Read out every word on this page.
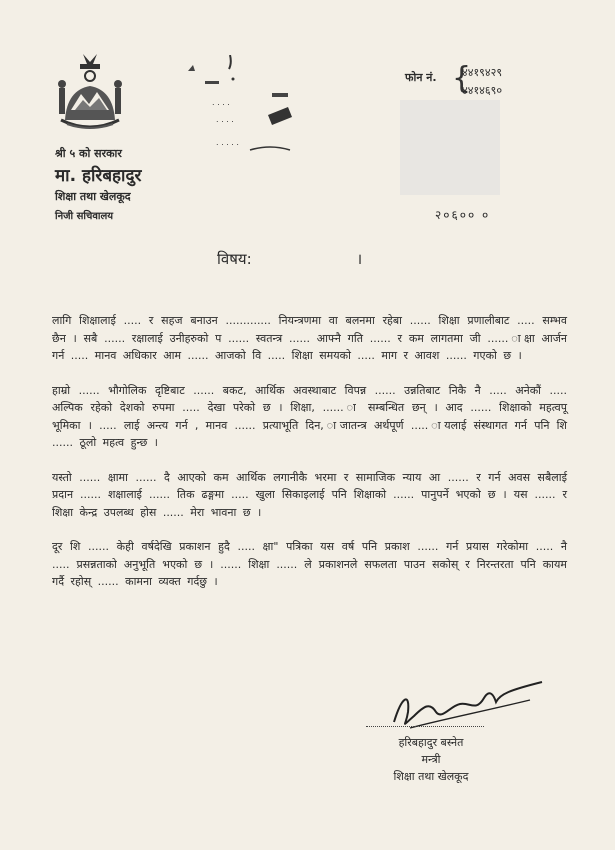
. . . .
. . . .
. . . . .
फोन नं. {
४४१९४२९
४४१४६९०
श्री ५ को सरकार
मा. हरिबहादुर
शिक्षा तथा खेलकूद
निजी सचिवालय	२०६०० ०
विषय:	।

लागि शिक्षालाई ..... र सहज बनाउन ............. नियन्त्रणमा वा बलनमा रहेबा ...... शिक्षा प्रणालीबाट ..... सम्भव छैन । सबै ...... रक्षालाई उनीहरुको प ...... स्वतन्त्र ...... आफ्नै गति ...... र कम लागतमा जी ...... ाक्षा आर्जन गर्न ..... मानव अधिकार आम ...... आजको वि ..... शिक्षा समयको ..... माग र आवश ...... गएको छ ।

हाम्रो ...... भौगोलिक दृष्टिबाट ...... बकट, आर्थिक अवस्थाबाट विपन्न ...... उन्नतिबाट निकै नै ..... अनेकौं ..... अल्पिक रहेको देशको रुपमा ..... देखा परेको छ । शिक्षा, ...... ा सम्बन्धित छन् । आद ...... शिक्षाको महत्वपू भूमिका । ..... लाई अन्त्य गर्न , मानव ...... प्रत्याभूति दिन, ाजातन्त्र अर्थपूर्ण ..... ायलाई संस्थागत गर्न पनि शि ...... ठूलो महत्व हुन्छ ।

यस्तो ...... क्षामा ...... दै आएको कम आर्थिक लगानीकै भरमा र सामाजिक न्याय आ ...... र गर्न अवस सबैलाई प्रदान ...... शक्षालाई ...... तिक ढङ्गमा ..... खुला सिकाइलाई पनि शिक्षाको ...... पानुपर्ने भएको छ । यस ...... र शिक्षा केन्द्र उपलब्ध होस ...... मेरा भावना छ ।

दूर शि ...... केही वर्षदेखि प्रकाशन हुदै ..... क्षा" पत्रिका यस वर्ष पनि प्रकाश ...... गर्न प्रयास गरेकोमा ..... नै ..... प्रसन्नताको अनुभूति भएको छ । ...... शिक्षा ...... ले प्रकाशनले सफलता पाउन सकोस् र निरन्तरता पनि कायम गर्दै रहोस् ...... कामना व्यक्त गर्दछु ।

हरिबहादुर बस्नेत
मन्त्री
शिक्षा तथा खेलकूद
